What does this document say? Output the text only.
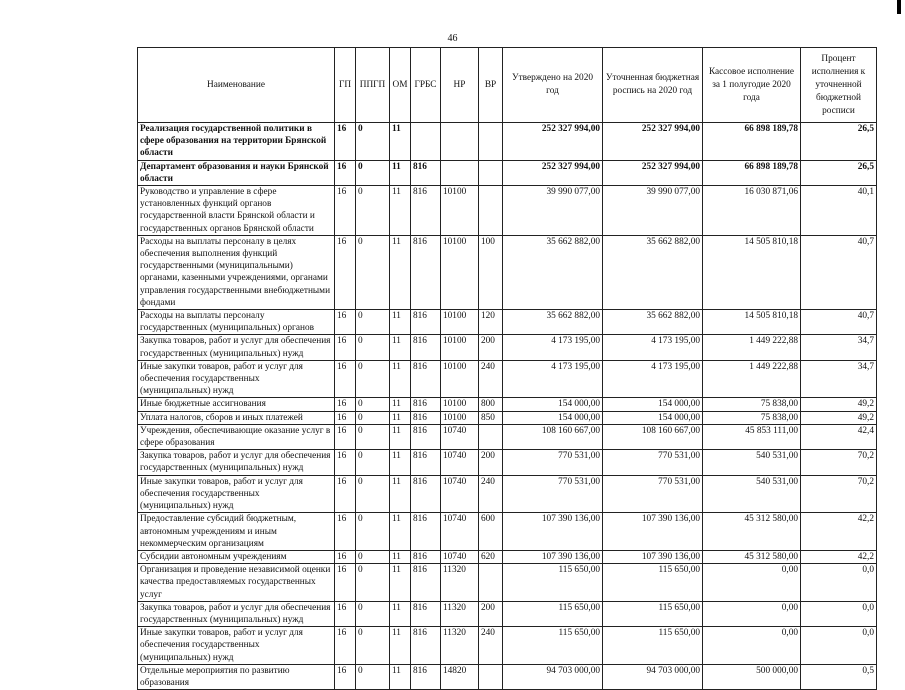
46
Наименование	ГП	ППГП	ОМ	ГРБС	НР	ВР	Утверждено на 2020 год	Уточненная бюджетная роспись на 2020 год	Кассовое исполнение за 1 полугодие 2020 года	Процент исполнения к уточненной бюджетной росписи
Реализация государственной политики в сфере образования на территории Брянской области	16	0	11				252 327 994,00	252 327 994,00	66 898 189,78	26,5
Департамент образования и науки Брянской области	16	0	11	816			252 327 994,00	252 327 994,00	66 898 189,78	26,5
Руководство и управление в сфере установленных функций органов государственной власти Брянской области и государственных органов Брянской области	16	0	11	816	10100		39 990 077,00	39 990 077,00	16 030 871,06	40,1
Расходы на выплаты персоналу в целях обеспечения выполнения функций государственными (муниципальными) органами, казенными учреждениями, органами управления государственными внебюджетными фондами	16	0	11	816	10100	100	35 662 882,00	35 662 882,00	14 505 810,18	40,7
Расходы на выплаты персоналу государственных (муниципальных) органов	16	0	11	816	10100	120	35 662 882,00	35 662 882,00	14 505 810,18	40,7
Закупка товаров, работ и услуг для обеспечения государственных (муниципальных) нужд	16	0	11	816	10100	200	4 173 195,00	4 173 195,00	1 449 222,88	34,7
Иные закупки товаров, работ и услуг для обеспечения государственных (муниципальных) нужд	16	0	11	816	10100	240	4 173 195,00	4 173 195,00	1 449 222,88	34,7
Иные бюджетные ассигнования	16	0	11	816	10100	800	154 000,00	154 000,00	75 838,00	49,2
Уплата налогов, сборов и иных платежей	16	0	11	816	10100	850	154 000,00	154 000,00	75 838,00	49,2
Учреждения, обеспечивающие оказание услуг в сфере образования	16	0	11	816	10740		108 160 667,00	108 160 667,00	45 853 111,00	42,4
Закупка товаров, работ и услуг для обеспечения государственных (муниципальных) нужд	16	0	11	816	10740	200	770 531,00	770 531,00	540 531,00	70,2
Иные закупки товаров, работ и услуг для обеспечения государственных (муниципальных) нужд	16	0	11	816	10740	240	770 531,00	770 531,00	540 531,00	70,2
Предоставление субсидий бюджетным, автономным учреждениям и иным некоммерческим организациям	16	0	11	816	10740	600	107 390 136,00	107 390 136,00	45 312 580,00	42,2
Субсидии автономным учреждениям	16	0	11	816	10740	620	107 390 136,00	107 390 136,00	45 312 580,00	42,2
Организация и проведение независимой оценки качества предоставляемых государственных услуг	16	0	11	816	11320		115 650,00	115 650,00	0,00	0,0
Закупка товаров, работ и услуг для обеспечения государственных (муниципальных) нужд	16	0	11	816	11320	200	115 650,00	115 650,00	0,00	0,0
Иные закупки товаров, работ и услуг для обеспечения государственных (муниципальных) нужд	16	0	11	816	11320	240	115 650,00	115 650,00	0,00	0,0
Отдельные мероприятия по развитию образования	16	0	11	816	14820		94 703 000,00	94 703 000,00	500 000,00	0,5
